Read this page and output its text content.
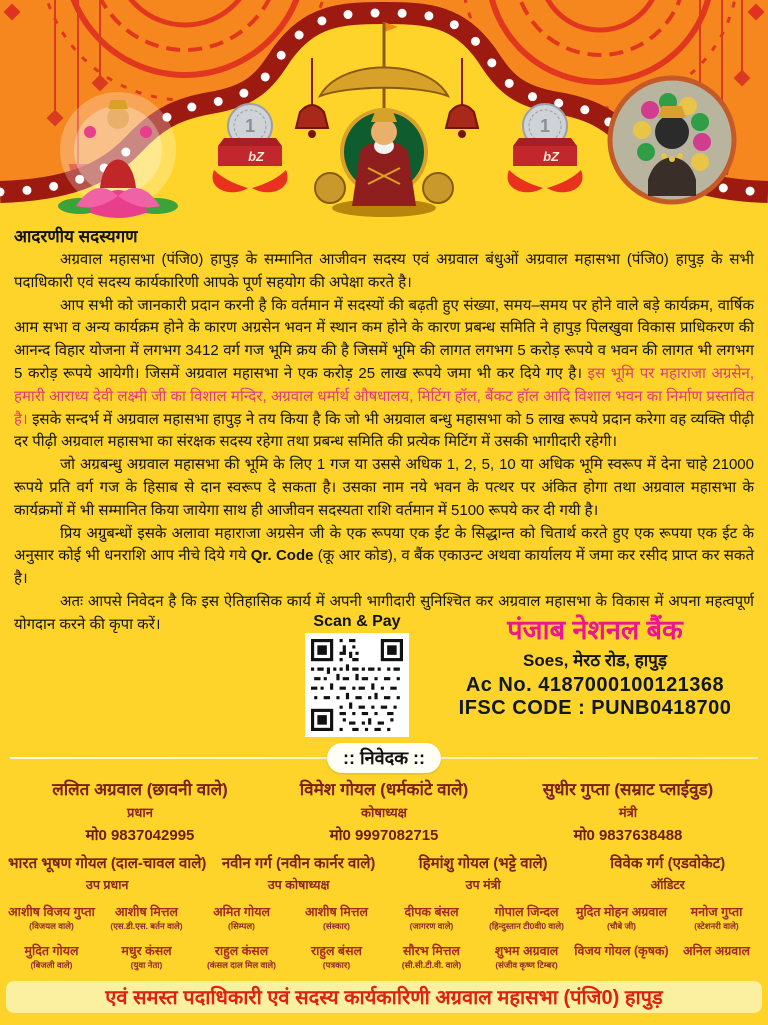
1
bZ
1
bZ
आदरणीय सदस्यगण

अग्रवाल महासभा (पंजि0) हापुड़ के सम्मानित आजीवन सदस्य एवं अग्रवाल बंधुओं अग्रवाल महासभा (पंजि0) हापुड़ के सभी पदाधिकारी एवं सदस्य कार्यकारिणी आपके पूर्ण सहयोग की अपेक्षा करते है।

आप सभी को जानकारी प्रदान करनी है कि वर्तमान में सदस्यों की बढ़ती हुए संख्या, समय–समय पर होने वाले बड़े कार्यक्रम, वार्षिक आम सभा व अन्य कार्यक्रम होने के कारण अग्रसेन भवन में स्थान कम होने के कारण प्रबन्ध समिति ने हापुड़ पिलखुवा विकास प्राधिकरण की आनन्द विहार योजना में लगभग 3412 वर्ग गज भूमि क्रय की है जिसमें भूमि की लागत लगभग 5 करोड़ रूपये व भवन की लागत भी लगभग 5 करोड़ रूपये आयेगी। जिसमें अग्रवाल महासभा ने एक करोड़ 25 लाख रूपये जमा भी कर दिये गए है। इस भूमि पर महाराजा अग्रसेन, हमारी आराध्य देवी लक्ष्मी जी का विशाल मन्दिर, अग्रवाल धर्मार्थ औषधालय, मिटिंग हॉल, बैंकट हॉल आदि विशाल भवन का निर्माण प्रस्तावित है। इसके सन्दर्भ में अग्रवाल महासभा हापुड़ ने तय किया है कि जो भी अग्रवाल बन्धु महासभा को 5 लाख रूपये प्रदान करेगा वह व्यक्ति पीढ़ी दर पीढ़ी अग्रवाल महासभा का संरक्षक सदस्य रहेगा तथा प्रबन्ध समिति की प्रत्येक मिटिंग में उसकी भागीदारी रहेगी।

जो अग्रबन्धु अग्रवाल महासभा की भूमि के लिए 1 गज या उससे अधिक 1, 2, 5, 10 या अधिक भूमि स्वरूप में देना चाहे 21000 रूपये प्रति वर्ग गज के हिसाब से दान स्वरूप दे सकता है। उसका नाम नये भवन के पत्थर पर अंकित होगा तथा अग्रवाल महासभा के कार्यक्रमों में भी सम्मानित किया जायेगा साथ ही आजीवन सदस्यता राशि वर्तमान में 5100 रूपये कर दी गयी है।

प्रिय अग्रुबन्धों इसके अलावा महाराजा अग्रसेन जी के एक रूपया एक ईंट के सिद्धान्त को चितार्थ करते हुए एक रूपया एक ईट के अनुसार कोई भी धनराशि आप नीचे दिये गये Qr. Code (कू आर कोड), व बैंक एकाउन्ट अथवा कार्यालय में जमा कर रसीद प्राप्त कर सकते है।

अतः आपसे निवेदन है कि इस ऐतिहासिक कार्य में अपनी भागीदारी सुनिश्चित कर अग्रवाल महासभा के विकास में अपना महत्वपूर्ण योगदान करने की कृपा करें।	Scan & Pay	पंजाब नेशनल बैंक
Soes, मेरठ रोड, हापुड़
Ac No. 4187000100121368
IFSC CODE : PUNB0418700
:: निवेदक ::
ललित अग्रवाल (छावनी वाले)
प्रधान
मो0 9837042995
विमेश गोयल (धर्मकांटे वाले)
कोषाध्यक्ष
मो0 9997082715
सुधीर गुप्ता (सम्राट प्लाईवुड)
मंत्री
मो0 9837638488
भारत भूषण गोयल (दाल-चावल वाले)
उप प्रधान
नवीन गर्ग (नवीन कार्नर वाले)
उप कोषाध्यक्ष
हिमांशु गोयल (भट्टे वाले)
उप मंत्री
विवेक गर्ग (एडवोकेट)
ऑडिटर
आशीष विजय गुप्ता
(विजयल वाले)
आशीष मित्तल
(एस.डी.एस. बर्तन वाले)
अमित गोयल
(सिम्पल)
आशीष मित्तल
(संस्कार)
दीपक बंसल
(जागरण वाले)
गोपाल जिन्दल
(हिन्दुस्तान टी0वी0 वाले)
मुदित मोहन अग्रवाल
(चौबे जी)
मनोज गुप्ता
(स्टेशनरी वाले)
मुदित गोयल
(बिजली वाले)
मधुर कंसल
(युवा नेता)
राहुल कंसल
(कंसल दाल मिल वाले)
राहुल बंसल
(पत्रकार)
सौरभ मित्तल
(सी.सी.टी.वी. वाले)
शुभम अग्रवाल
(संजीव कृष्ण टिम्बर)
विजय गोयल (कृषक)	अनिल अग्रवाल
एवं समस्त पदाधिकारी एवं सदस्य कार्यकारिणी अग्रवाल महासभा (पंजि0) हापुड़
